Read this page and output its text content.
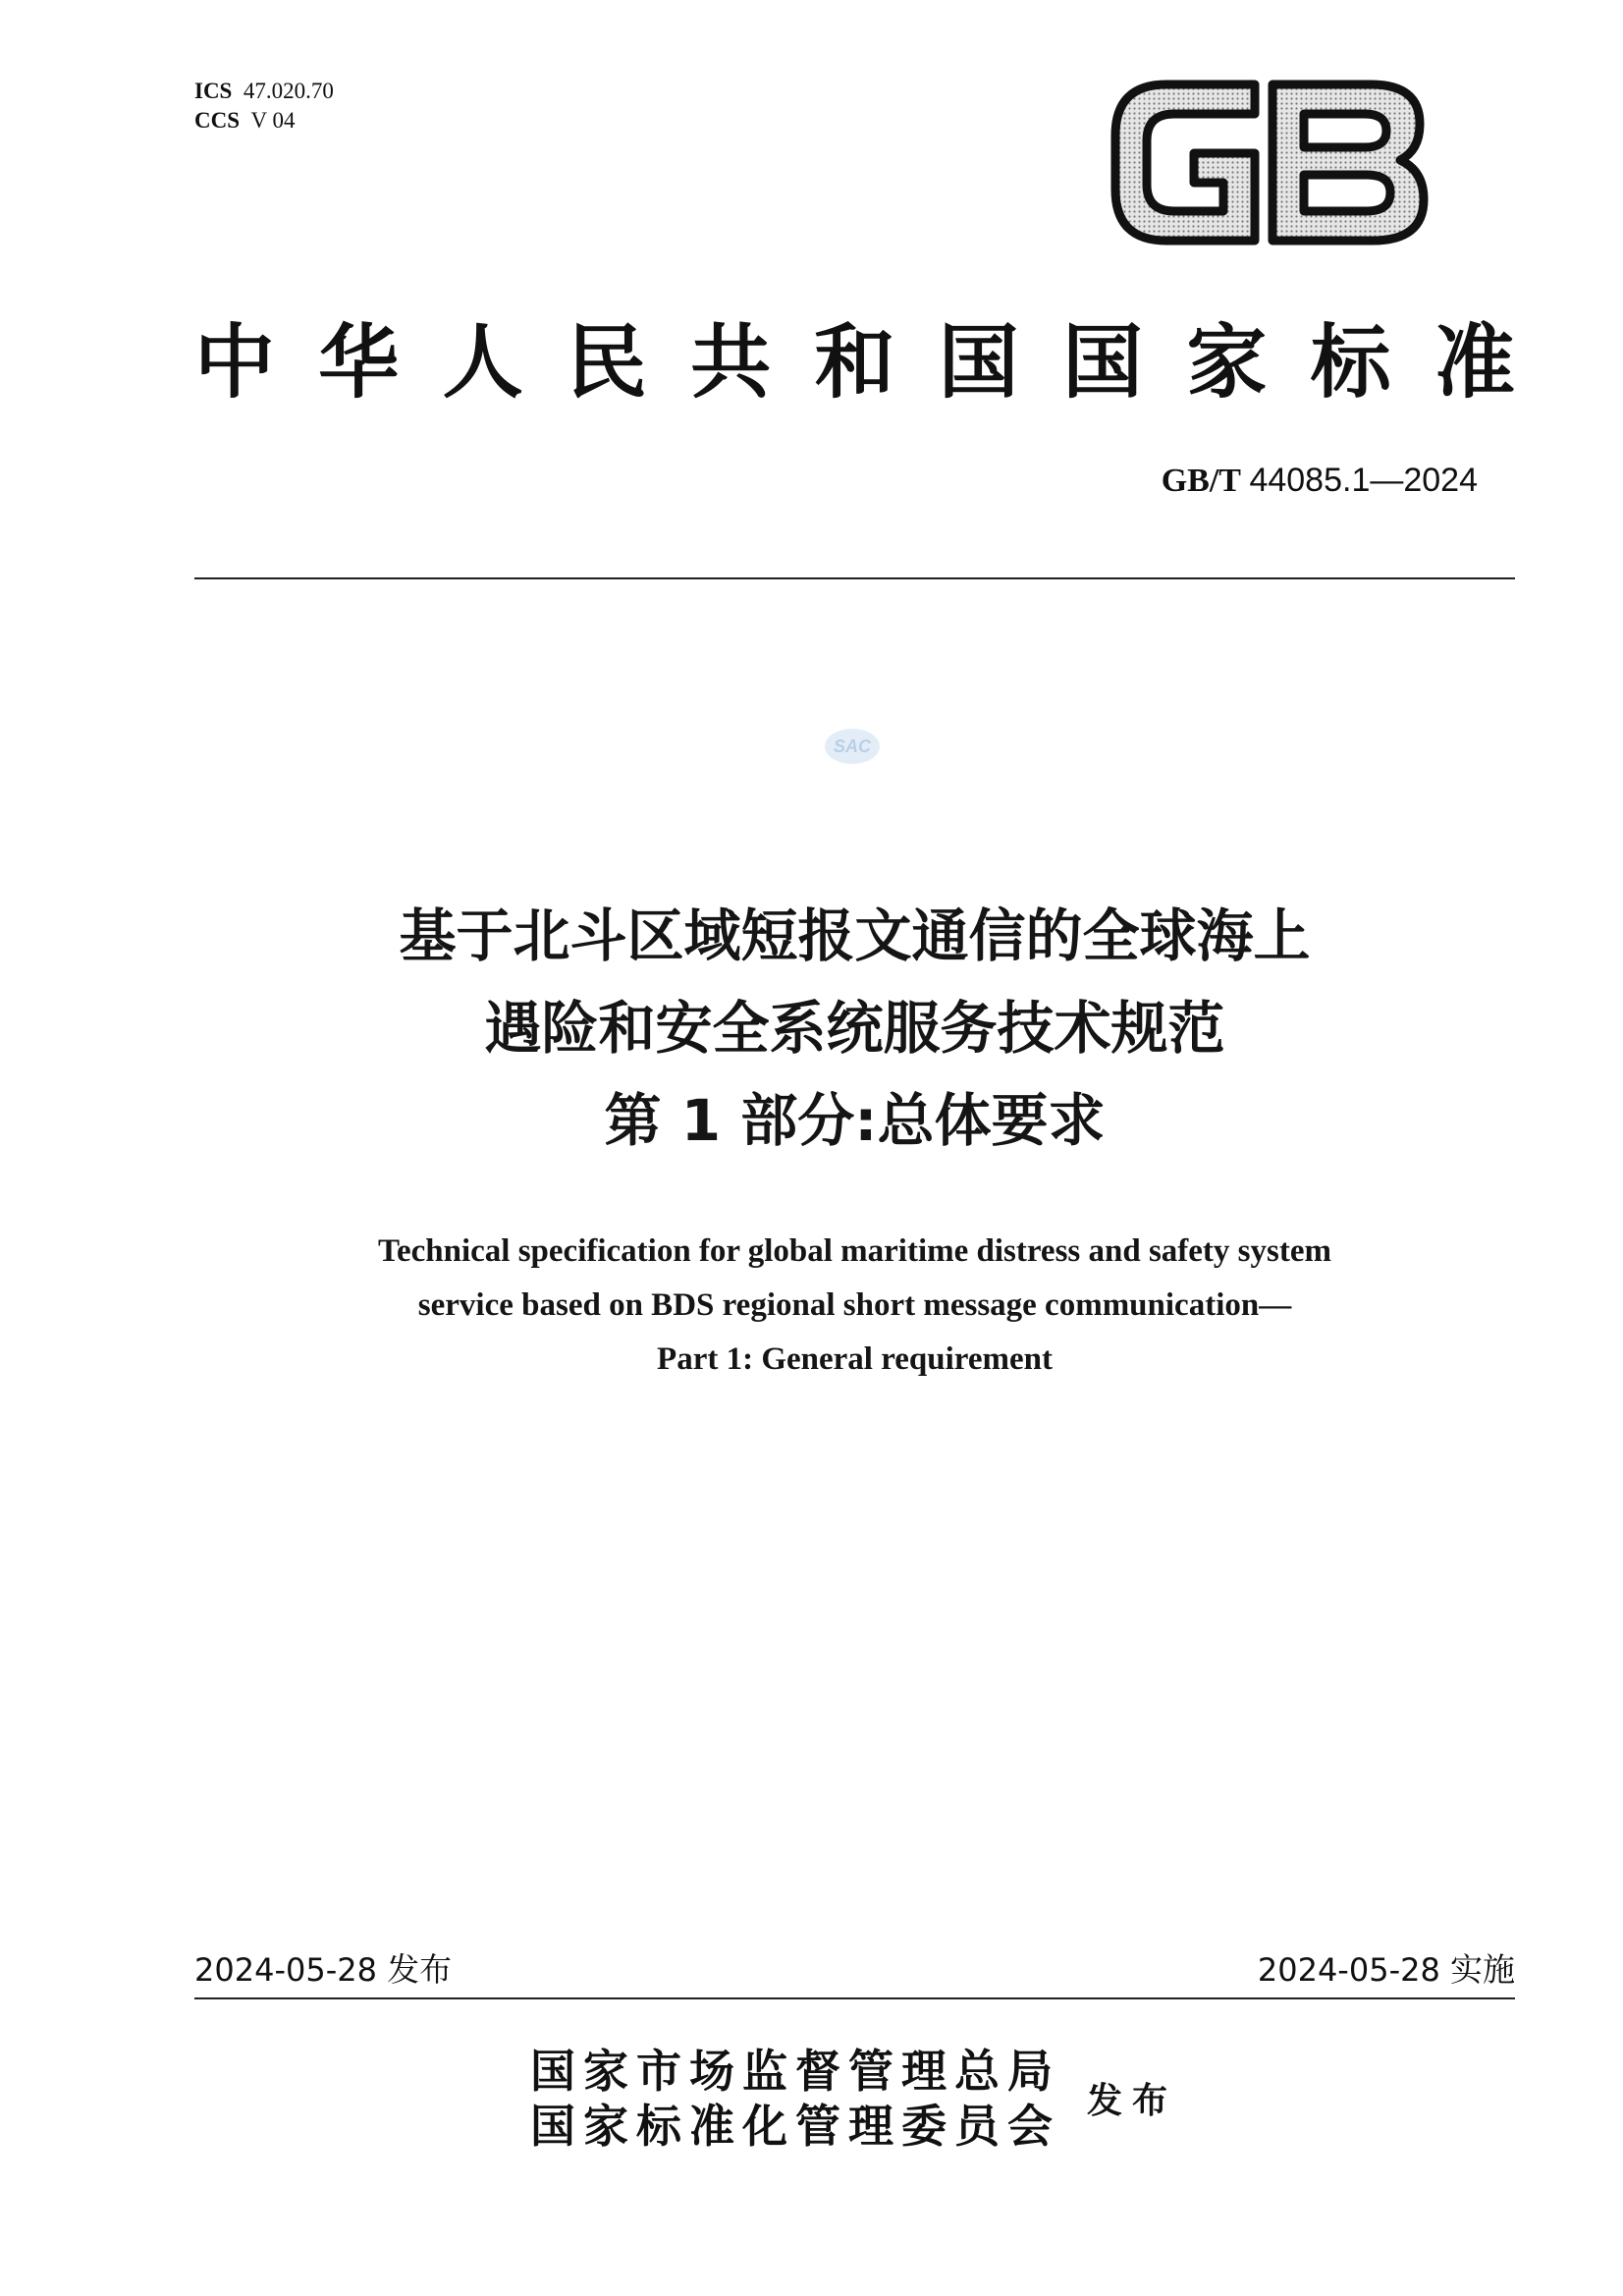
ICS 47.020.70
CCS V 04
中 华 人 民 共 和 国 国 家 标 准
GB/T 44085.1—2024
SAC
基于北斗区域短报文通信的全球海上
遇险和安全系统服务技术规范
第 1 部分:总体要求
Technical specification for global maritime distress and safety system
service based on BDS regional short message communication—
Part 1: General requirement
2024-05-28 发布	2024-05-28 实施
国家市场监督管理总局
国家标准化管理委员会 发布
